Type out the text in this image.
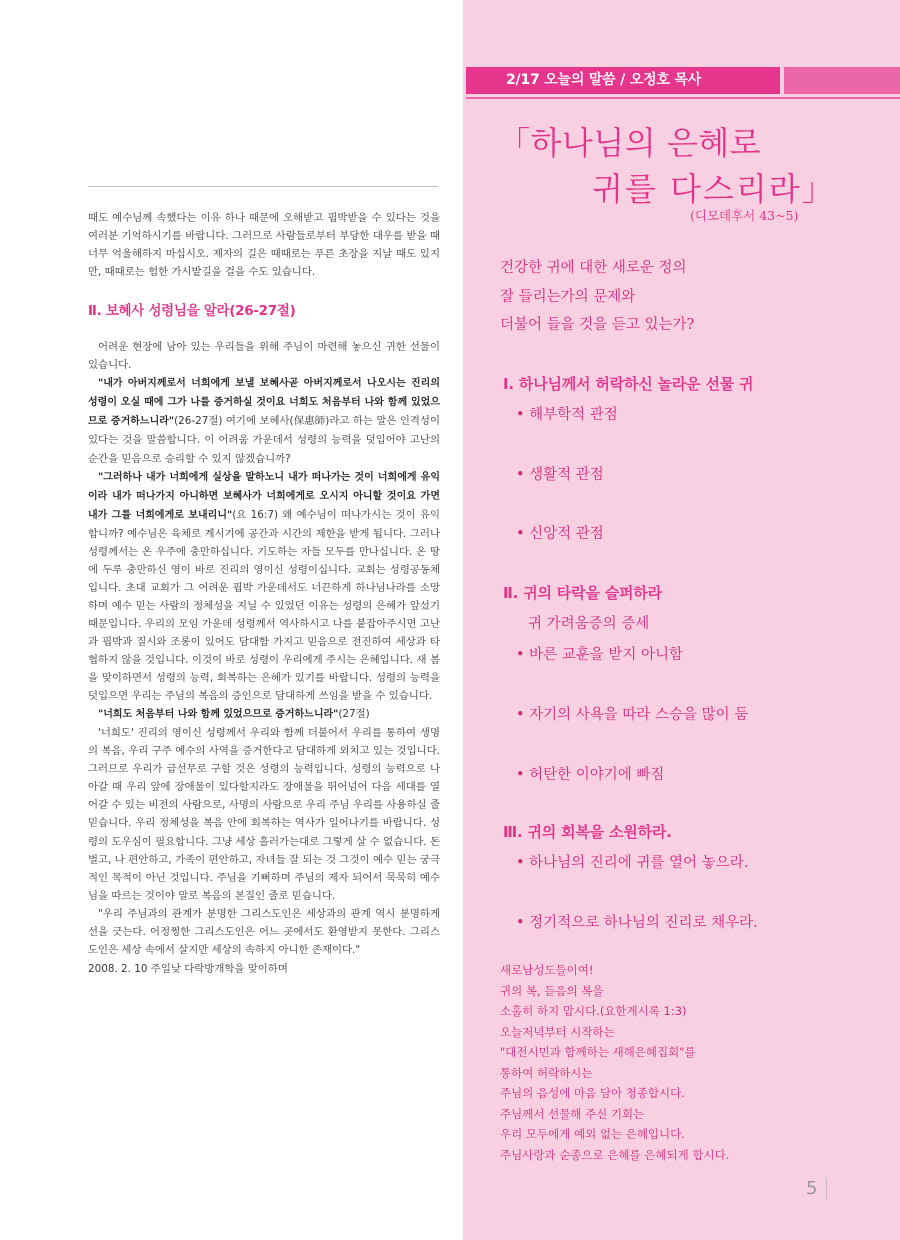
때도 예수님께 속했다는 이유 하나 때문에 오해받고 핍박받을 수 있다는 것을 여러분 기억하시기를 바랍니다. 그러므로 사람들로부터 부당한 대우를 받을 때 너무 억울해하지 마십시오. 제자의 길은 때때로는 푸른 초장을 지날 때도 있지만, 때때로는 험한 가시밭길을 걸을 수도 있습니다.

Ⅱ. 보혜사 성령님을 알라(26-27절)

어려운 현장에 남아 있는 우리들을 위해 주님이 마련해 놓으신 귀한 선물이 있습니다.

"내가 아버지께로서 너희에게 보낼 보혜사곧 아버지께로서 나오시는 진리의 성령이 오실 때에 그가 나를 증거하실 것이요 너희도 처음부터 나와 함께 있었으므로 증거하느니라"(26-27절) 여기에 보혜사(保惠師)라고 하는 말은 인격성이 있다는 것을 말씀합니다. 이 어려움 가운데서 성령의 능력을 덧입어야 고난의 순간을 믿음으로 승리할 수 있지 않겠습니까?

"그러하나 내가 너희에게 실상을 말하노니 내가 떠나가는 것이 너희에게 유익이라 내가 떠나가지 아니하면 보혜사가 너희에게로 오시지 아니할 것이요 가면 내가 그를 너희에게로 보내리니"(요 16:7) 왜 예수님이 떠나가시는 것이 유익합니까? 예수님은 육체로 계시기에 공간과 시간의 제한을 받게 됩니다. 그러나 성령께서는 온 우주에 충만하십니다. 기도하는 자들 모두를 만나십니다. 온 땅에 두루 충만하신 영이 바로 진리의 영이신 성령이십니다. 교회는 성령공동체입니다. 초대 교회가 그 어려운 핍박 가운데서도 너끈하게 하나님나라를 소망하며 예수 믿는 사람의 정체성을 지닐 수 있었던 이유는 성령의 은혜가 앞섰기 때문입니다. 우리의 모임 가운데 성령께서 역사하시고 나를 붙잡아주시면 고난과 핍박과 질시와 조롱이 있어도 담대함 가지고 믿음으로 전진하여 세상과 타협하지 않을 것입니다. 이것이 바로 성령이 우리에게 주시는 은혜입니다. 새 봄을 맞이하면서 성령의 능력, 회복하는 은혜가 있기를 바랍니다. 성령의 능력을 덧입으면 우리는 주님의 복음의 증인으로 담대하게 쓰임을 받을 수 있습니다.

"너희도 처음부터 나와 함께 있었으므로 증거하느니라"(27절)

'너희도' 진리의 영이신 성령께서 우리와 함께 더불어서 우리를 통하여 생명의 복음, 우리 구주 예수의 사역을 증거한다고 담대하게 외치고 있는 것입니다. 그러므로 우리가 급선무로 구할 것은 성령의 능력입니다. 성령의 능력으로 나아갈 때 우리 앞에 장애물이 있다할지라도 장애물을 뛰어넘어 다음 세대를 열어갈 수 있는 비전의 사람으로, 사명의 사람으로 우리 주님 우리를 사용하실 줄 믿습니다. 우리 정체성을 복음 안에 회복하는 역사가 일어나기를 바랍니다. 성령의 도우심이 필요합니다. 그냥 세상 흘러가는대로 그렇게 살 수 없습니다. 돈 벌고, 나 편안하고, 가족이 편안하고, 자녀들 잘 되는 것 그것이 예수 믿는 궁극적인 목적이 아닌 것입니다. 주님을 기뻐하며 주님의 제자 되어서 묵묵히 예수님을 따르는 것이야 말로 복음의 본질인 줄로 믿습니다.

"우리 주님과의 관계가 분명한 그리스도인은 세상과의 관계 역시 분명하게 선을 긋는다. 어정쩡한 그리스도인은 어느 곳에서도 환영받지 못한다. 그리스도인은 세상 속에서 살지만 세상의 속하지 아니한 존재이다."

2008. 2. 10 주일낮 다락방개학을 맞이하며

2/17 오늘의 말씀 / 오정호 목사
「하나님의 은혜로
귀를 다스리라」
(디모데후서 43~5)
건강한 귀에 대한 새로운 정의
잘 들리는가의 문제와
더불어 들을 것을 듣고 있는가?
Ⅰ. 하나님께서 허락하신 놀라운 선물 귀
• 해부학적 관점
• 생활적 관점
• 신앙적 관점
Ⅱ. 귀의 타락을 슬퍼하라
귀 가려움증의 증세
• 바른 교훈을 받지 아니함
• 자기의 사욕을 따라 스승을 많이 둠
• 허탄한 이야기에 빠짐
Ⅲ. 귀의 회복을 소원하라.
• 하나님의 진리에 귀를 열어 놓으라.
• 정기적으로 하나님의 진리로 채우라.
새로남성도들이여!
귀의 복, 듣음의 복을
소홀히 하지 맙시다.(요한계시록 1:3)
오늘저녁부터 시작하는
"대전시민과 함께하는 새해은혜집회"를
통하여 허락하시는
주님의 음성에 마음 담아 청종합시다.
주님께서 선물해 주신 기회는
우리 모두에게 예외 없는 은혜입니다.
주님사랑과 순종으로 은혜를 은혜되게 합시다.
5
